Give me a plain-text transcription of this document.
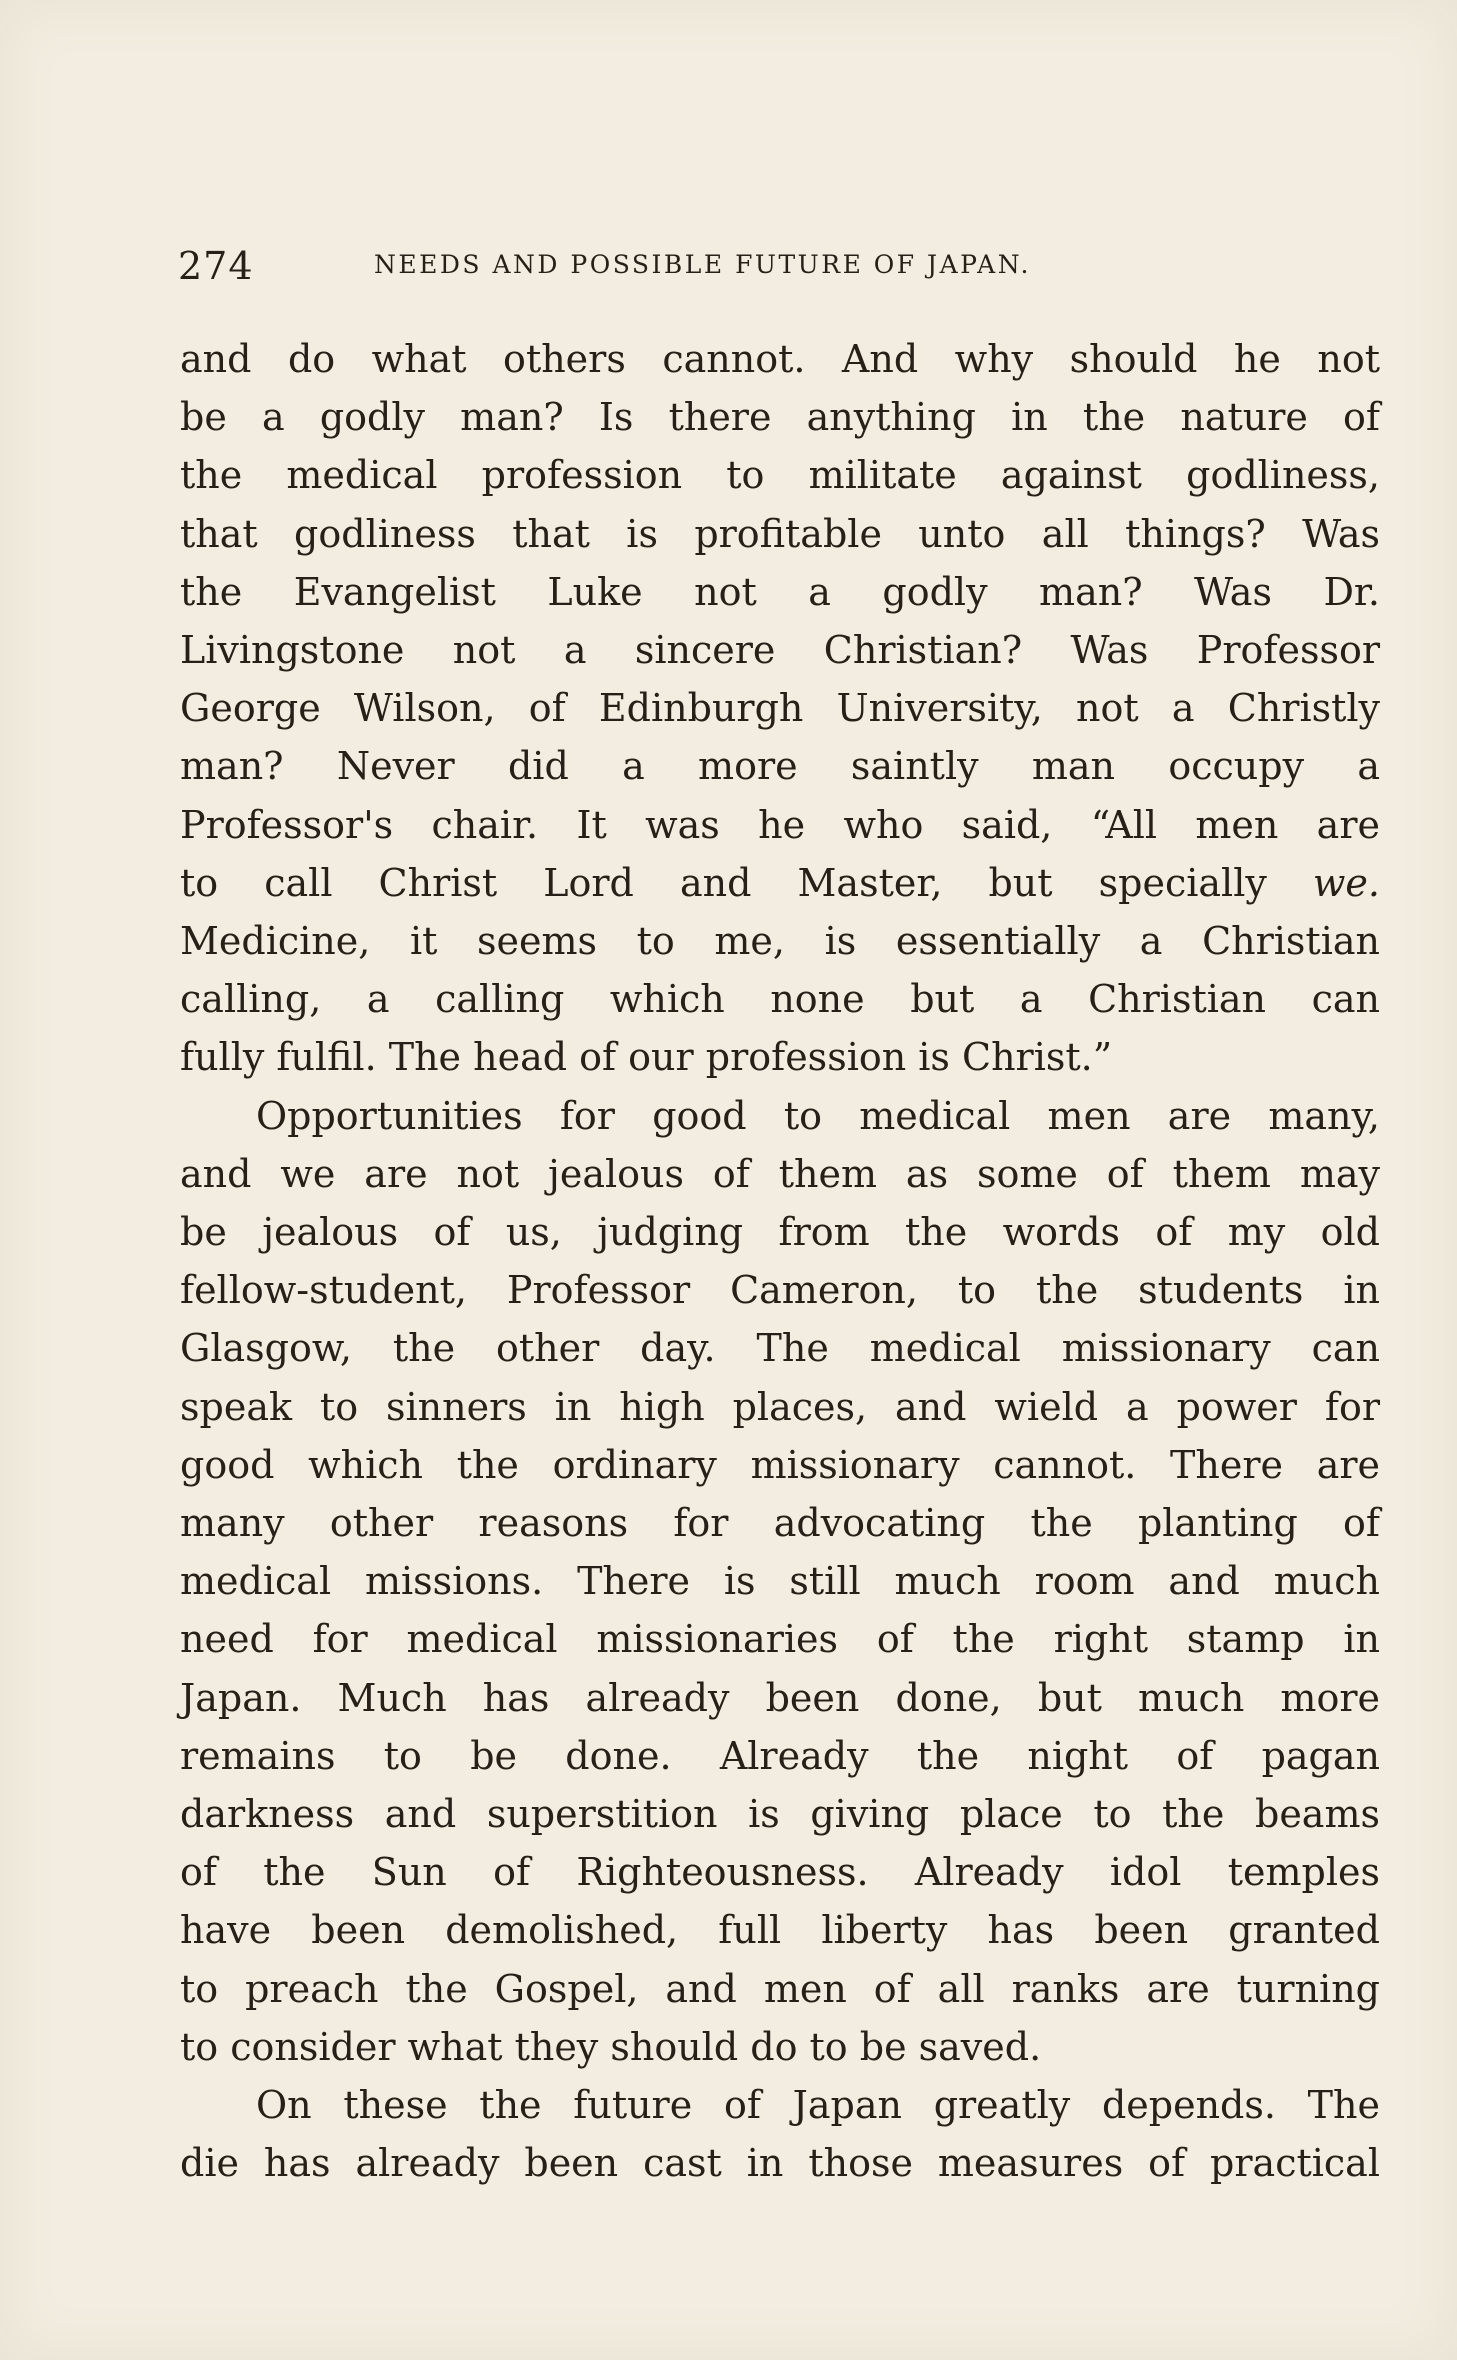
274	NEEDS AND POSSIBLE FUTURE OF JAPAN.
and do what others cannot. And why should he not
be a godly man? Is there anything in the nature of
the medical profession to militate against godliness,
that godliness that is profitable unto all things? Was
the Evangelist Luke not a godly man? Was Dr.
Livingstone not a sincere Christian? Was Professor
George Wilson, of Edinburgh University, not a Christly
man? Never did a more saintly man occupy a
Professor's chair. It was he who said, “All men are
to call Christ Lord and Master, but specially we.
Medicine, it seems to me, is essentially a Christian
calling, a calling which none but a Christian can
fully fulfil. The head of our profession is Christ.”
Opportunities for good to medical men are many,
and we are not jealous of them as some of them may
be jealous of us, judging from the words of my old
fellow-student, Professor Cameron, to the students in
Glasgow, the other day. The medical missionary can
speak to sinners in high places, and wield a power for
good which the ordinary missionary cannot. There are
many other reasons for advocating the planting of
medical missions. There is still much room and much
need for medical missionaries of the right stamp in
Japan. Much has already been done, but much more
remains to be done. Already the night of pagan
darkness and superstition is giving place to the beams
of the Sun of Righteousness. Already idol temples
have been demolished, full liberty has been granted
to preach the Gospel, and men of all ranks are turning
to consider what they should do to be saved.
On these the future of Japan greatly depends. The
die has already been cast in those measures of practical
